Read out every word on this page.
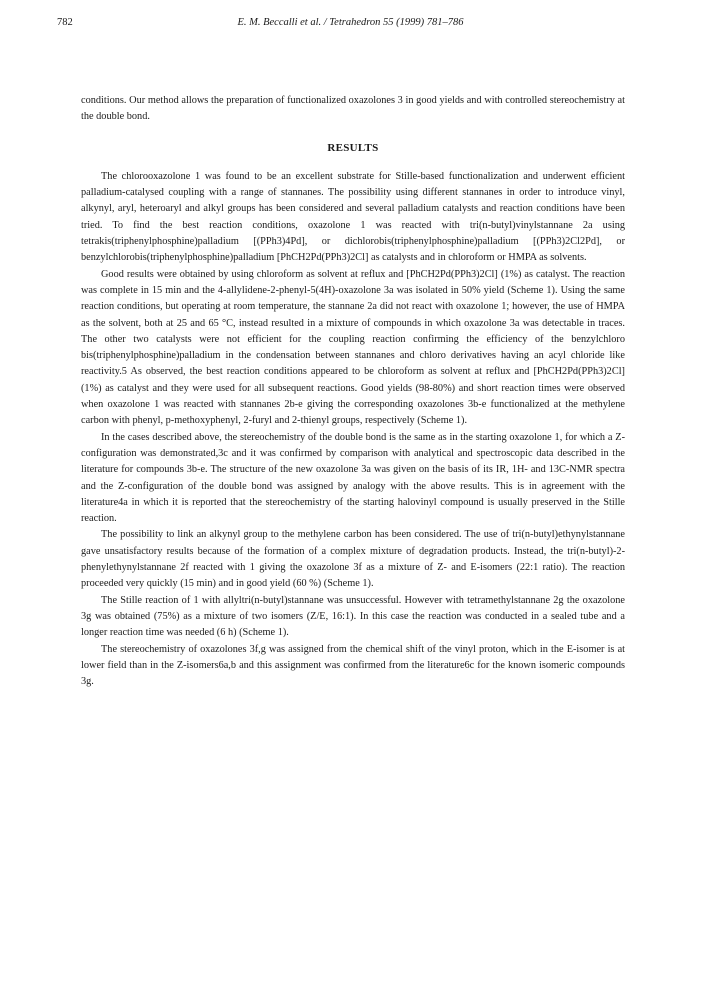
782	E. M. Beccalli et al. / Tetrahedron 55 (1999) 781–786

conditions. Our method allows the preparation of functionalized oxazolones 3 in good yields and with controlled stereochemistry at the double bond.

RESULTS

The chlorooxazolone 1 was found to be an excellent substrate for Stille-based functionalization and underwent efficient palladium-catalysed coupling with a range of stannanes. The possibility using different stannanes in order to introduce vinyl, alkynyl, aryl, heteroaryl and alkyl groups has been considered and several palladium catalysts and reaction conditions have been tried. To find the best reaction conditions, oxazolone 1 was reacted with tri(n-butyl)vinylstannane 2a using tetrakis(triphenylphosphine)palladium [(PPh3)4Pd], or dichlorobis(triphenylphosphine)palladium [(PPh3)2Cl2Pd], or benzylchlorobis(triphenylphosphine)palladium [PhCH2Pd(PPh3)2Cl] as catalysts and in chloroform or HMPA as solvents.

Good results were obtained by using chloroform as solvent at reflux and [PhCH2Pd(PPh3)2Cl] (1%) as catalyst. The reaction was complete in 15 min and the 4-allylidene-2-phenyl-5(4H)-oxazolone 3a was isolated in 50% yield (Scheme 1). Using the same reaction conditions, but operating at room temperature, the stannane 2a did not react with oxazolone 1; however, the use of HMPA as the solvent, both at 25 and 65 °C, instead resulted in a mixture of compounds in which oxazolone 3a was detectable in traces. The other two catalysts were not efficient for the coupling reaction confirming the efficiency of the benzylchloro bis(triphenylphosphine)palladium in the condensation between stannanes and chloro derivatives having an acyl chloride like reactivity.5 As observed, the best reaction conditions appeared to be chloroform as solvent at reflux and [PhCH2Pd(PPh3)2Cl] (1%) as catalyst and they were used for all subsequent reactions. Good yields (98-80%) and short reaction times were observed when oxazolone 1 was reacted with stannanes 2b-e giving the corresponding oxazolones 3b-e functionalized at the methylene carbon with phenyl, p-methoxyphenyl, 2-furyl and 2-thienyl groups, respectively (Scheme 1).

In the cases described above, the stereochemistry of the double bond is the same as in the starting oxazolone 1, for which a Z-configuration was demonstrated,3c and it was confirmed by comparison with analytical and spectroscopic data described in the literature for compounds 3b-e. The structure of the new oxazolone 3a was given on the basis of its IR, 1H- and 13C-NMR spectra and the Z-configuration of the double bond was assigned by analogy with the above results. This is in agreement with the literature4a in which it is reported that the stereochemistry of the starting halovinyl compound is usually preserved in the Stille reaction.

The possibility to link an alkynyl group to the methylene carbon has been considered. The use of tri(n-butyl)ethynylstannane gave unsatisfactory results because of the formation of a complex mixture of degradation products. Instead, the tri(n-butyl)-2-phenylethynylstannane 2f reacted with 1 giving the oxazolone 3f as a mixture of Z- and E-isomers (22:1 ratio). The reaction proceeded very quickly (15 min) and in good yield (60 %) (Scheme 1).

The Stille reaction of 1 with allyltri(n-butyl)stannane was unsuccessful. However with tetramethylstannane 2g the oxazolone 3g was obtained (75%) as a mixture of two isomers (Z/E, 16:1). In this case the reaction was conducted in a sealed tube and a longer reaction time was needed (6 h) (Scheme 1).

The stereochemistry of oxazolones 3f,g was assigned from the chemical shift of the vinyl proton, which in the E-isomer is at lower field than in the Z-isomers6a,b and this assignment was confirmed from the literature6c for the known isomeric compounds 3g.
